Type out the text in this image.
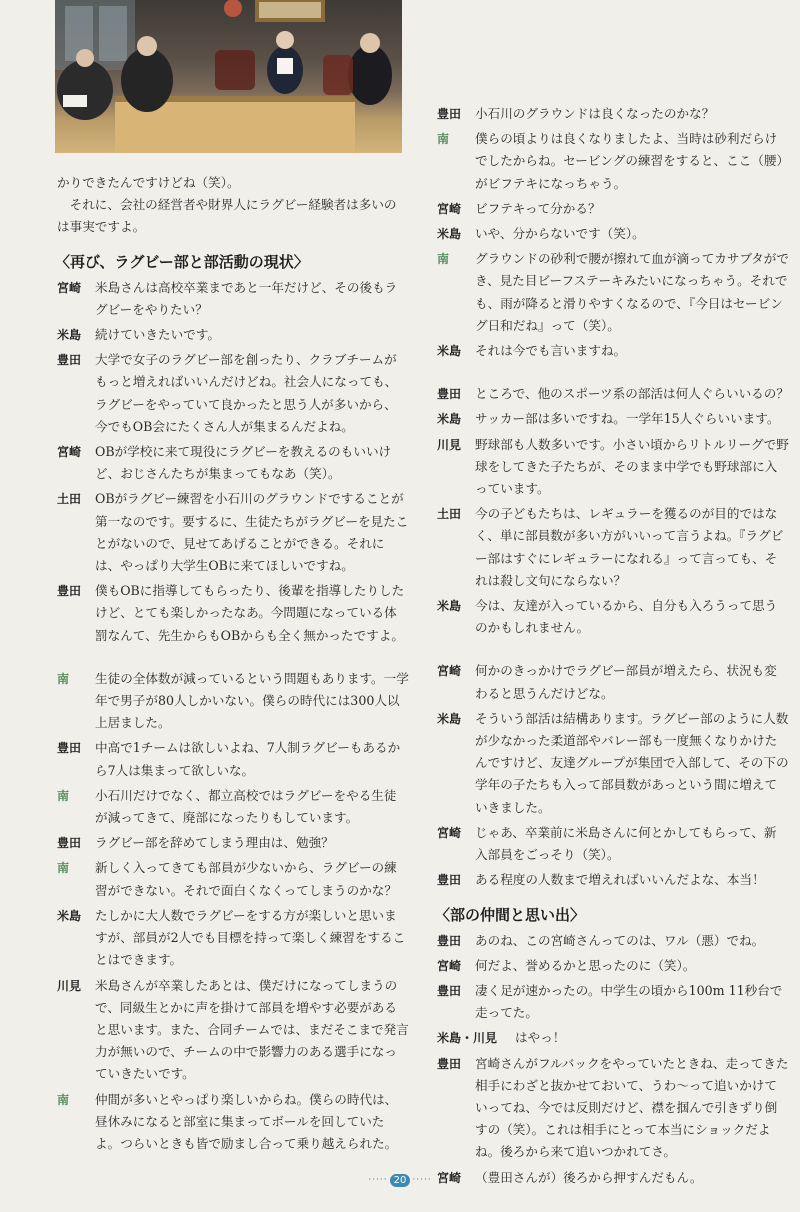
かりできたんですけどね（笑）。
それに、会社の経営者や財界人にラグビー経験者は多いのは事実ですよ。
〈再び、ラグビー部と部活動の現状〉
宮崎	米島さんは高校卒業まであと一年だけど、その後もラグビーをやりたい？
米島	続けていきたいです。
豊田	大学で女子のラグビー部を創ったり、クラブチームがもっと増えればいいんだけどね。社会人になっても、ラグビーをやっていて良かったと思う人が多いから、今でもOB会にたくさん人が集まるんだよね。
宮崎	OBが学校に来て現役にラグビーを教えるのもいいけど、おじさんたちが集まってもなあ（笑）。
土田	OBがラグビー練習を小石川のグラウンドですることが第一なのです。要するに、生徒たちがラグビーを見たことがないので、見せてあげることができる。それには、やっぱり大学生OBに来てほしいですね。
豊田	僕もOBに指導してもらったり、後輩を指導したりしたけど、とても楽しかったなあ。今問題になっている体罰なんて、先生からもOBからも全く無かったですよ。
南	生徒の全体数が減っているという問題もあります。一学年で男子が80人しかいない。僕らの時代には300人以上居ました。
豊田	中高で1チームは欲しいよね、7人制ラグビーもあるから7人は集まって欲しいな。
南	小石川だけでなく、都立高校ではラグビーをやる生徒が減ってきて、廃部になったりもしています。
豊田	ラグビー部を辞めてしまう理由は、勉強？
南	新しく入ってきても部員が少ないから、ラグビーの練習ができない。それで面白くなくってしまうのかな？
米島	たしかに大人数でラグビーをする方が楽しいと思いますが、部員が2人でも目標を持って楽しく練習をすることはできます。
川見	米島さんが卒業したあとは、僕だけになってしまうので、同級生とかに声を掛けて部員を増やす必要があると思います。また、合同チームでは、まだそこまで発言力が無いので、チームの中で影響力のある選手になっていきたいです。
南	仲間が多いとやっぱり楽しいからね。僕らの時代は、昼休みになると部室に集まってボールを回していたよ。つらいときも皆で励まし合って乗り越えられた。
豊田	小石川のグラウンドは良くなったのかな？
南	僕らの頃よりは良くなりましたよ、当時は砂利だらけでしたからね。セービングの練習をすると、ここ（腰）がビフテキになっちゃう。
宮崎	ビフテキって分かる？
米島	いや、分からないです（笑）。
南	グラウンドの砂利で腰が擦れて血が滴ってカサブタができ、見た目ビーフステーキみたいになっちゃう。それでも、雨が降ると滑りやすくなるので、『今日はセービング日和だね』って（笑）。
米島	それは今でも言いますね。
豊田	ところで、他のスポーツ系の部活は何人ぐらいいるの？
米島	サッカー部は多いですね。一学年15人ぐらいいます。
川見	野球部も人数多いです。小さい頃からリトルリーグで野球をしてきた子たちが、そのまま中学でも野球部に入っています。
土田	今の子どもたちは、レギュラーを獲るのが目的ではなく、単に部員数が多い方がいいって言うよね。『ラグビー部はすぐにレギュラーになれる』って言っても、それは殺し文句にならない？
米島	今は、友達が入っているから、自分も入ろうって思うのかもしれません。
宮崎	何かのきっかけでラグビー部員が増えたら、状況も変わると思うんだけどな。
米島	そういう部活は結構あります。ラグビー部のように人数が少なかった柔道部やバレー部も一度無くなりかけたんですけど、友達グループが集団で入部して、その下の学年の子たちも入って部員数があっという間に増えていきました。
宮崎	じゃあ、卒業前に米島さんに何とかしてもらって、新入部員をごっそり（笑）。
豊田	ある程度の人数まで増えればいいんだよな、本当！
〈部の仲間と思い出〉
豊田	あのね、この宮崎さんってのは、ワル（悪）でね。
宮崎	何だよ、誉めるかと思ったのに（笑）。
豊田	凄く足が速かったの。中学生の頃から100m 11秒台で走ってた。
米島・川見	はやっ！
豊田	宮崎さんがフルバックをやっていたときね、走ってきた相手にわざと抜かせておいて、うわ〜って追いかけていってね、今では反則だけど、襟を掴んで引きずり倒すの（笑）。これは相手にとって本当にショックだよね。後ろから来て追いつかれてさ。
宮崎	（豊田さんが）後ろから押すんだもん。
····· 20 ·····
